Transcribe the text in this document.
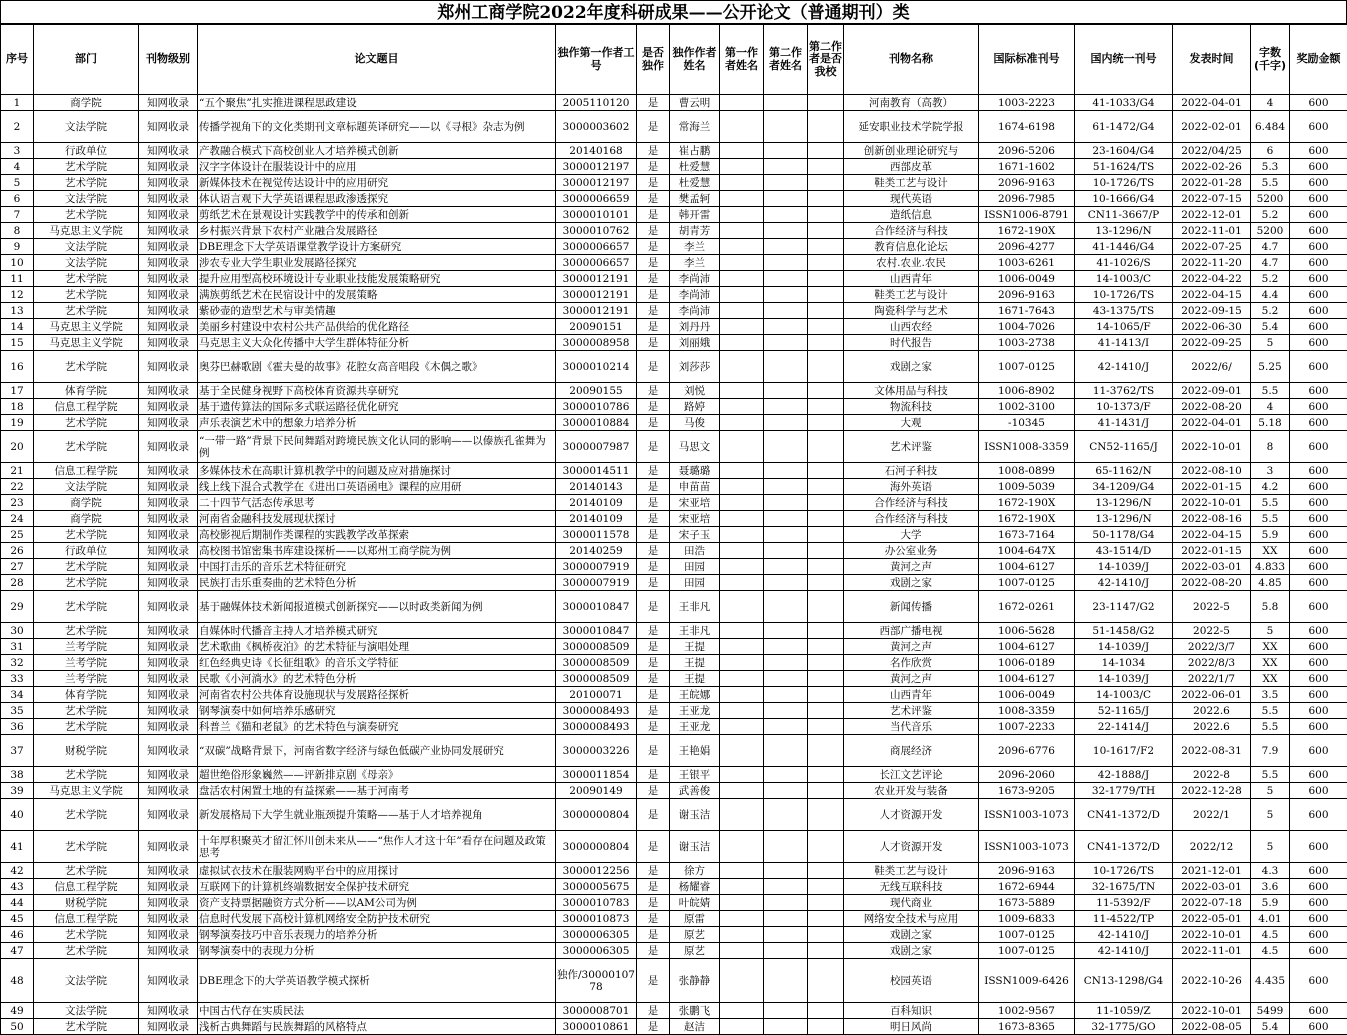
郑州工商学院2022年度科研成果——公开论文（普通期刊）类
序号	部门	刊物级别	论文题目	独作第一作者工号	是否独作	独作作者姓名	第一作者姓名	第二作者姓名	第二作者是否我校	刊物名称	国际标准刊号	国内统一刊号	发表时间	字数(千字)	奖励金额
1	商学院	知网收录	“五个聚焦”扎实推进课程思政建设	2005110120	是	曹云明				河南教育（高教）	1003-2223	41-1033/G4	2022-04-01	4	600
2	文法学院	知网收录	传播学视角下的文化类期刊文章标题英译研究——以《寻根》杂志为例	3000003602	是	常海兰				延安职业技术学院学报	1674-6198	61-1472/G4	2022-02-01	6.484	600
3	行政单位	知网收录	产教融合模式下高校创业人才培养模式创新	20140168	是	崔占鹏				创新创业理论研究与	2096-5206	23-1604/G4	2022/04/25	6	600
4	艺术学院	知网收录	汉字字体设计在服装设计中的应用	3000012197	是	杜爱慧				西部皮革	1671-1602	51-1624/TS	2022-02-26	5.3	600
5	艺术学院	知网收录	新媒体技术在视觉传达设计中的应用研究	3000012197	是	杜爱慧				鞋类工艺与设计	2096-9163	10-1726/TS	2022-01-28	5.5	600
6	文法学院	知网收录	体认语言观下大学英语课程思政渗透探究	3000006659	是	樊孟轲				现代英语	2096-7985	10-1666/G4	2022-07-15	5200	600
7	艺术学院	知网收录	剪纸艺术在景观设计实践教学中的传承和创新	3000010101	是	韩开雷				造纸信息	ISSN1006-8791	CN11-3667/P	2022-12-01	5.2	600
8	马克思主义学院	知网收录	乡村振兴背景下农村产业融合发展路径	3000010762	是	胡青芳				合作经济与科技	1672-190X	13-1296/N	2022-11-01	5200	600
9	文法学院	知网收录	DBE理念下大学英语课堂教学设计方案研究	3000006657	是	李兰				教育信息化论坛	2096-4277	41-1446/G4	2022-07-25	4.7	600
10	文法学院	知网收录	涉农专业大学生职业发展路径探究	3000006657	是	李兰				农村.农业.农民	1003-6261	41-1026/S	2022-11-20	4.7	600
11	艺术学院	知网收录	提升应用型高校环境设计专业职业技能发展策略研究	3000012191	是	李尚沛				山西青年	1006-0049	14-1003/C	2022-04-22	5.2	600
12	艺术学院	知网收录	满族剪纸艺术在民宿设计中的发展策略	3000012191	是	李尚沛				鞋类工艺与设计	2096-9163	10-1726/TS	2022-04-15	4.4	600
13	艺术学院	知网收录	紫砂壶的造型艺术与审美情趣	3000012191	是	李尚沛				陶瓷科学与艺术	1671-7643	43-1375/TS	2022-09-15	5.2	600
14	马克思主义学院	知网收录	美丽乡村建设中农村公共产品供给的优化路径	20090151	是	刘丹丹				山西农经	1004-7026	14-1065/F	2022-06-30	5.4	600
15	马克思主义学院	知网收录	马克思主义大众化传播中大学生群体特征分析	3000008958	是	刘丽娥				时代报告	1003-2738	41-1413/I	2022-09-25	5	600
16	艺术学院	知网收录	奥芬巴赫歌剧《霍夫曼的故事》花腔女高音唱段《木偶之歌》	3000010214	是	刘莎莎				戏剧之家	1007-0125	42-1410/J	2022/6/	5.25	600
17	体育学院	知网收录	基于全民健身视野下高校体育资源共享研究	20090155	是	刘悦				文体用品与科技	1006-8902	11-3762/TS	2022-09-01	5.5	600
18	信息工程学院	知网收录	基于遗传算法的国际多式联运路径优化研究	3000010786	是	路婷				物流科技	1002-3100	10-1373/F	2022-08-20	4	600
19	艺术学院	知网收录	声乐表演艺术中的想象力培养分析	3000010884	是	马俊				大观	-10345	41-1431/J	2022-04-01	5.18	600
20	艺术学院	知网收录	“一带一路”背景下民间舞蹈对跨境民族文化认同的影响——以傣族孔雀舞为例	3000007987	是	马思文				艺术评鉴	ISSN1008-3359	CN52-1165/J	2022-10-01	8	600
21	信息工程学院	知网收录	多媒体技术在高职计算机教学中的问题及应对措施探讨	3000014511	是	聂璐璐				石河子科技	1008-0899	65-1162/N	2022-08-10	3	600
22	文法学院	知网收录	线上线下混合式教学在《进出口英语函电》课程的应用研	20140143	是	申苗苗				海外英语	1009-5039	34-1209/G4	2022-01-15	4.2	600
23	商学院	知网收录	二十四节气活态传承思考	20140109	是	宋亚培				合作经济与科技	1672-190X	13-1296/N	2022-10-01	5.5	600
24	商学院	知网收录	河南省金融科技发展现状探讨	20140109	是	宋亚培				合作经济与科技	1672-190X	13-1296/N	2022-08-16	5.5	600
25	艺术学院	知网收录	高校影视后期制作类课程的实践教学改革探索	3000011578	是	宋子玉				大学	1673-7164	50-1178/G4	2022-04-15	5.9	600
26	行政单位	知网收录	高校图书馆密集书库建设探析——以郑州工商学院为例	20140259	是	田浩				办公室业务	1004-647X	43-1514/D	2022-01-15	XX	600
27	艺术学院	知网收录	中国打击乐的音乐艺术特征研究	3000007919	是	田园				黄河之声	1004-6127	14-1039/J	2022-03-01	4.833	600
28	艺术学院	知网收录	民族打击乐重奏曲的艺术特色分析	3000007919	是	田园				戏剧之家	1007-0125	42-1410/J	2022-08-20	4.85	600
29	艺术学院	知网收录	基于融媒体技术新闻报道模式创新探究——以时政类新闻为例	3000010847	是	王非凡				新闻传播	1672-0261	23-1147/G2	2022-5	5.8	600
30	艺术学院	知网收录	自媒体时代播音主持人才培养模式研究	3000010847	是	王非凡				西部广播电视	1006-5628	51-1458/G2	2022-5	5	600
31	兰考学院	知网收录	艺术歌曲《枫桥夜泊》的艺术特征与演唱处理	3000008509	是	王提				黄河之声	1004-6127	14-1039/J	2022/3/7	XX	600
32	兰考学院	知网收录	红色经典史诗《长征组歌》的音乐文学特征	3000008509	是	王提				名作欣赏	1006-0189	14-1034	2022/8/3	XX	600
33	兰考学院	知网收录	民歌《小河淌水》的艺术特色分析	3000008509	是	王提				黄河之声	1004-6127	14-1039/J	2022/1/7	XX	600
34	体育学院	知网收录	河南省农村公共体育设施现状与发展路径探析	20100071	是	王皖娜				山西青年	1006-0049	14-1003/C	2022-06-01	3.5	600
35	艺术学院	知网收录	钢琴演奏中如何培养乐感研究	3000008493	是	王亚龙				艺术评鉴	1008-3359	52-1165/J	2022.6	5.5	600
36	艺术学院	知网收录	科普兰《猫和老鼠》的艺术特色与演奏研究	3000008493	是	王亚龙				当代音乐	1007-2233	22-1414/J	2022.6	5.5	600
37	财税学院	知网收录	“双碳”战略背景下，河南省数字经济与绿色低碳产业协同发展研究	3000003226	是	王艳娟				商展经济	2096-6776	10-1617/F2	2022-08-31	7.9	600
38	艺术学院	知网收录	超世绝俗形象巍然——评新排京剧《母亲》	3000011854	是	王银平				长江文艺评论	2096-2060	42-1888/J	2022-8	5.5	600
39	马克思主义学院	知网收录	盘活农村闲置土地的有益探索——基于河南考	20090149	是	武善俊				农业开发与装备	1673-9205	32-1779/TH	2022-12-28	5	600
40	艺术学院	知网收录	新发展格局下大学生就业瓶颈提升策略——基于人才培养视角	3000000804	是	谢玉洁				人才资源开发	ISSN1003-1073	CN41-1372/D	2022/1	5	600
41	艺术学院	知网收录	十年厚积聚英才留汇怀川创未来从——“焦作人才这十年”看存在问题及政策思考	3000000804	是	谢玉洁				人才资源开发	ISSN1003-1073	CN41-1372/D	2022/12	5	600
42	艺术学院	知网收录	虚拟试衣技术在服装网购平台中的应用探讨	3000012256	是	徐方				鞋类工艺与设计	2096-9163	10-1726/TS	2021-12-01	4.3	600
43	信息工程学院	知网收录	互联网下的计算机终端数据安全保护技术研究	3000005675	是	杨耀睿				无线互联科技	1672-6944	32-1675/TN	2022-03-01	3.6	600
44	财税学院	知网收录	资产支持票据融资方式分析——以AM公司为例	3000010783	是	叶皖婧				现代商业	1673-5889	11-5392/F	2022-07-18	5.9	600
45	信息工程学院	知网收录	信息时代发展下高校计算机网络安全防护技术研究	3000010873	是	原雷				网络安全技术与应用	1009-6833	11-4522/TP	2022-05-01	4.01	600
46	艺术学院	知网收录	钢琴演奏技巧中音乐表现力的培养分析	3000006305	是	原艺				戏剧之家	1007-0125	42-1410/J	2022-10-01	4.5	600
47	艺术学院	知网收录	钢琴演奏中的表现力分析	3000006305	是	原艺				戏剧之家	1007-0125	42-1410/J	2022-11-01	4.5	600
48	文法学院	知网收录	DBE理念下的大学英语教学模式探析	独作/3000010778	是	张静静				校园英语	ISSN1009-6426	CN13-1298/G4	2022-10-26	4.435	600
49	文法学院	知网收录	中国古代存在实质民法	3000008701	是	张鹏飞				百科知识	1002-9567	11-1059/Z	2022-10-01	5499	600
50	艺术学院	知网收录	浅析古典舞蹈与民族舞蹈的风格特点	3000010861	是	赵洁				明日风尚	1673-8365	32-1775/GO	2022-08-05	5.4	600
